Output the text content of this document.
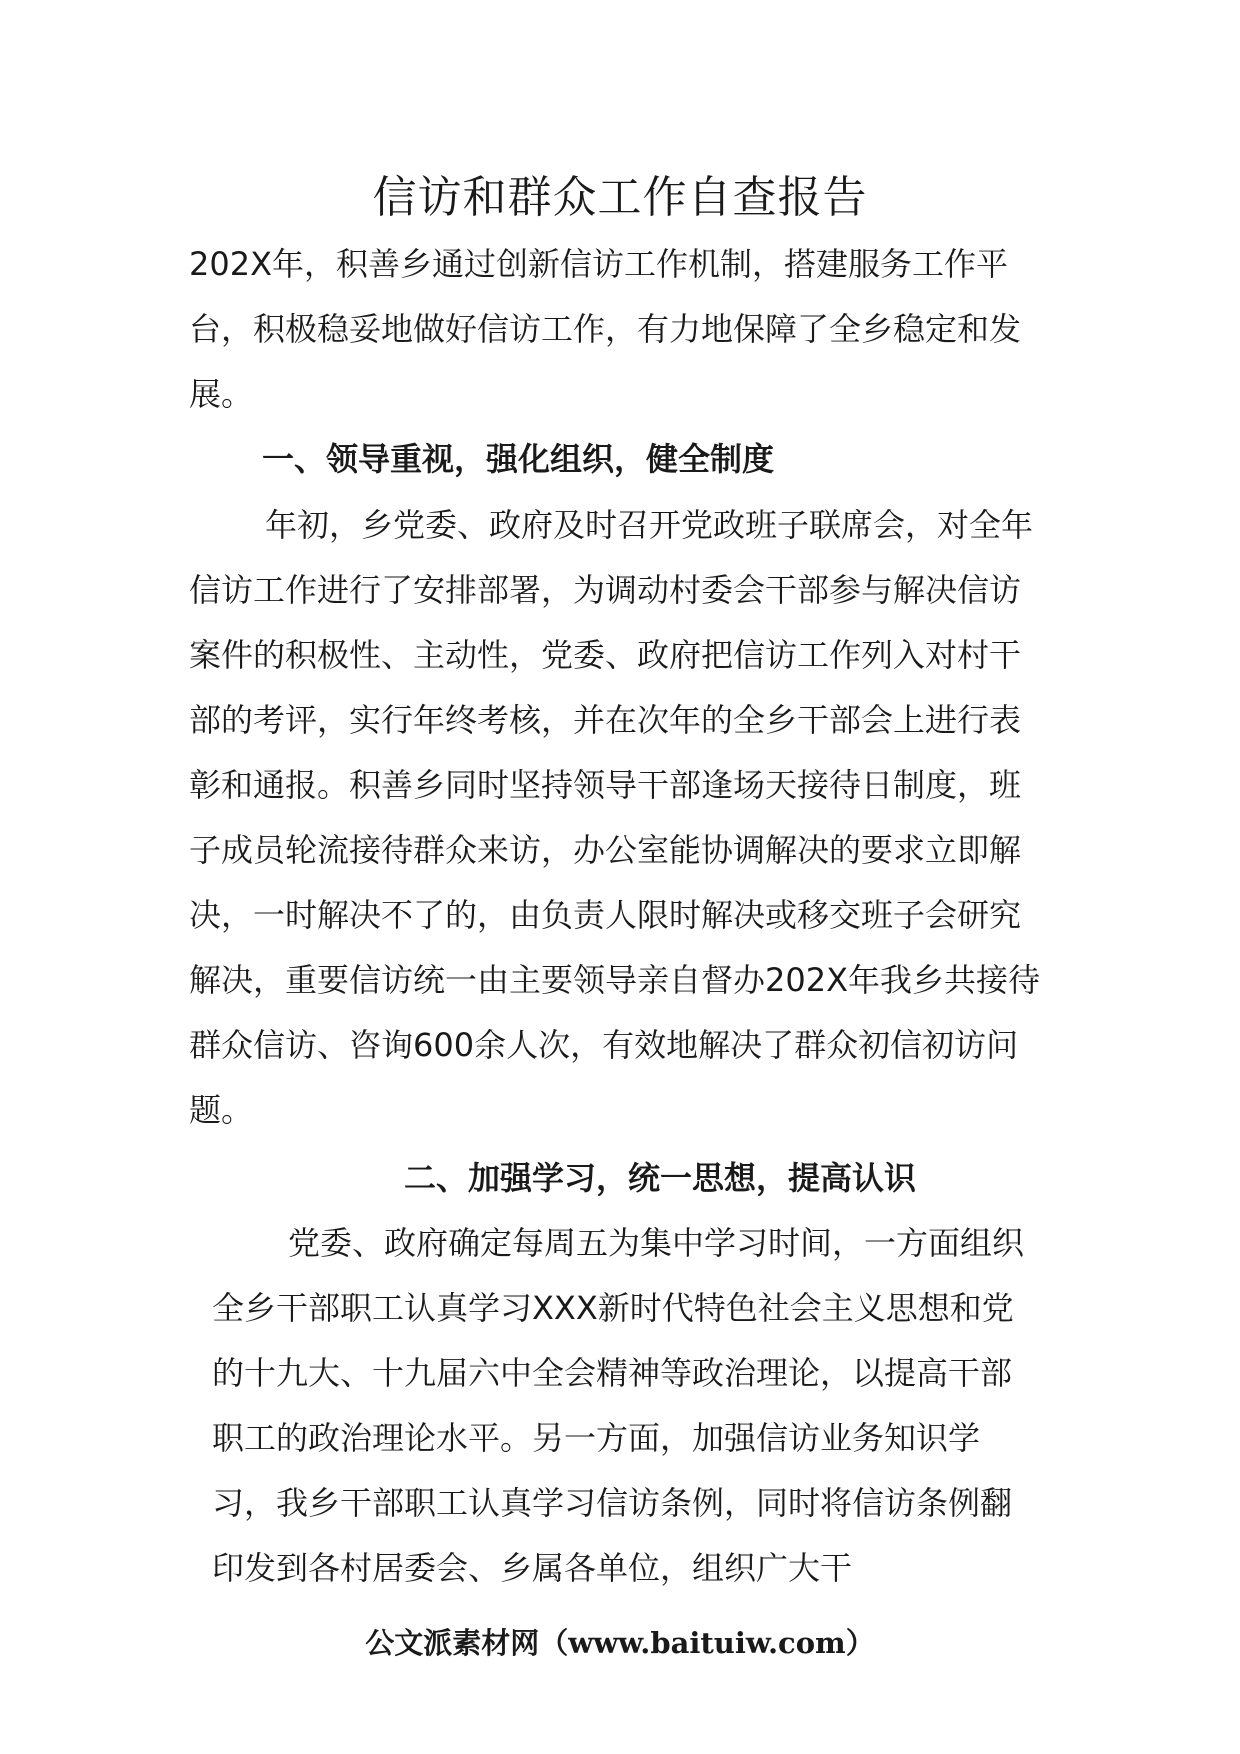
信访和群众工作自查报告

202X年，积善乡通过创新信访工作机制，搭建服务工作平台，积极稳妥地做好信访工作，有力地保障了全乡稳定和发展。

一、领导重视，强化组织，健全制度

年初，乡党委、政府及时召开党政班子联席会，对全年信访工作进行了安排部署，为调动村委会干部参与解决信访案件的积极性、主动性，党委、政府把信访工作列入对村干部的考评，实行年终考核，并在次年的全乡干部会上进行表彰和通报。积善乡同时坚持领导干部逢场天接待日制度，班子成员轮流接待群众来访，办公室能协调解决的要求立即解决，一时解决不了的，由负责人限时解决或移交班子会研究解决，重要信访统一由主要领导亲自督办202X年我乡共接待群众信访、咨询600余人次，有效地解决了群众初信初访问题。

二、加强学习，统一思想，提高认识

党委、政府确定每周五为集中学习时间，一方面组织全乡干部职工认真学习XXX新时代特色社会主义思想和党的十九大、十九届六中全会精神等政治理论，以提高干部职工的政治理论水平。另一方面，加强信访业务知识学习，我乡干部职工认真学习信访条例，同时将信访条例翻印发到各村居委会、乡属各单位，组织广大干

公文派素材网（www.baituiw.com）
